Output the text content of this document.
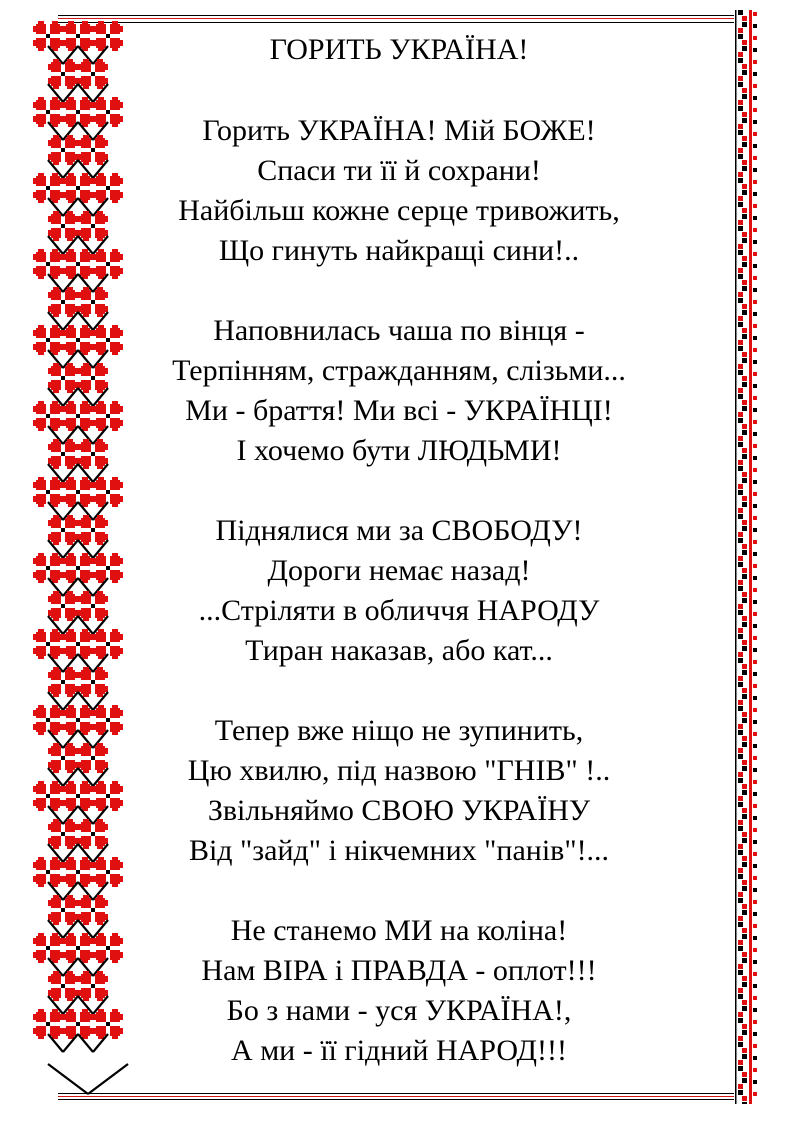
ГОРИТЬ УКРАЇНА!
Горить УКРАЇНА! Мій БОЖЕ!
Спаси ти її й сохрани!
Найбільш кожне серце тривожить,
Що гинуть найкращі сини!..
Наповнилась чаша по вінця -
Терпінням, стражданням, слізьми...
Ми - браття! Ми всі - УКРАЇНЦІ!
І хочемо бути ЛЮДЬМИ!
Піднялися ми за СВОБОДУ!
Дороги немає назад!
...Стріляти в обличчя НАРОДУ
Тиран наказав, або кат...
Тепер вже ніщо не зупинить,
Цю хвилю, під назвою "ГНІВ" !..
Звільняймо СВОЮ УКРАЇНУ
Від "зайд" і нікчемних "панів"!...
Не станемо МИ на коліна!
Нам ВІРА і ПРАВДА - оплот!!!
Бо з нами - уся УКРАЇНА!,
А ми - її гідний НАРОД!!!
